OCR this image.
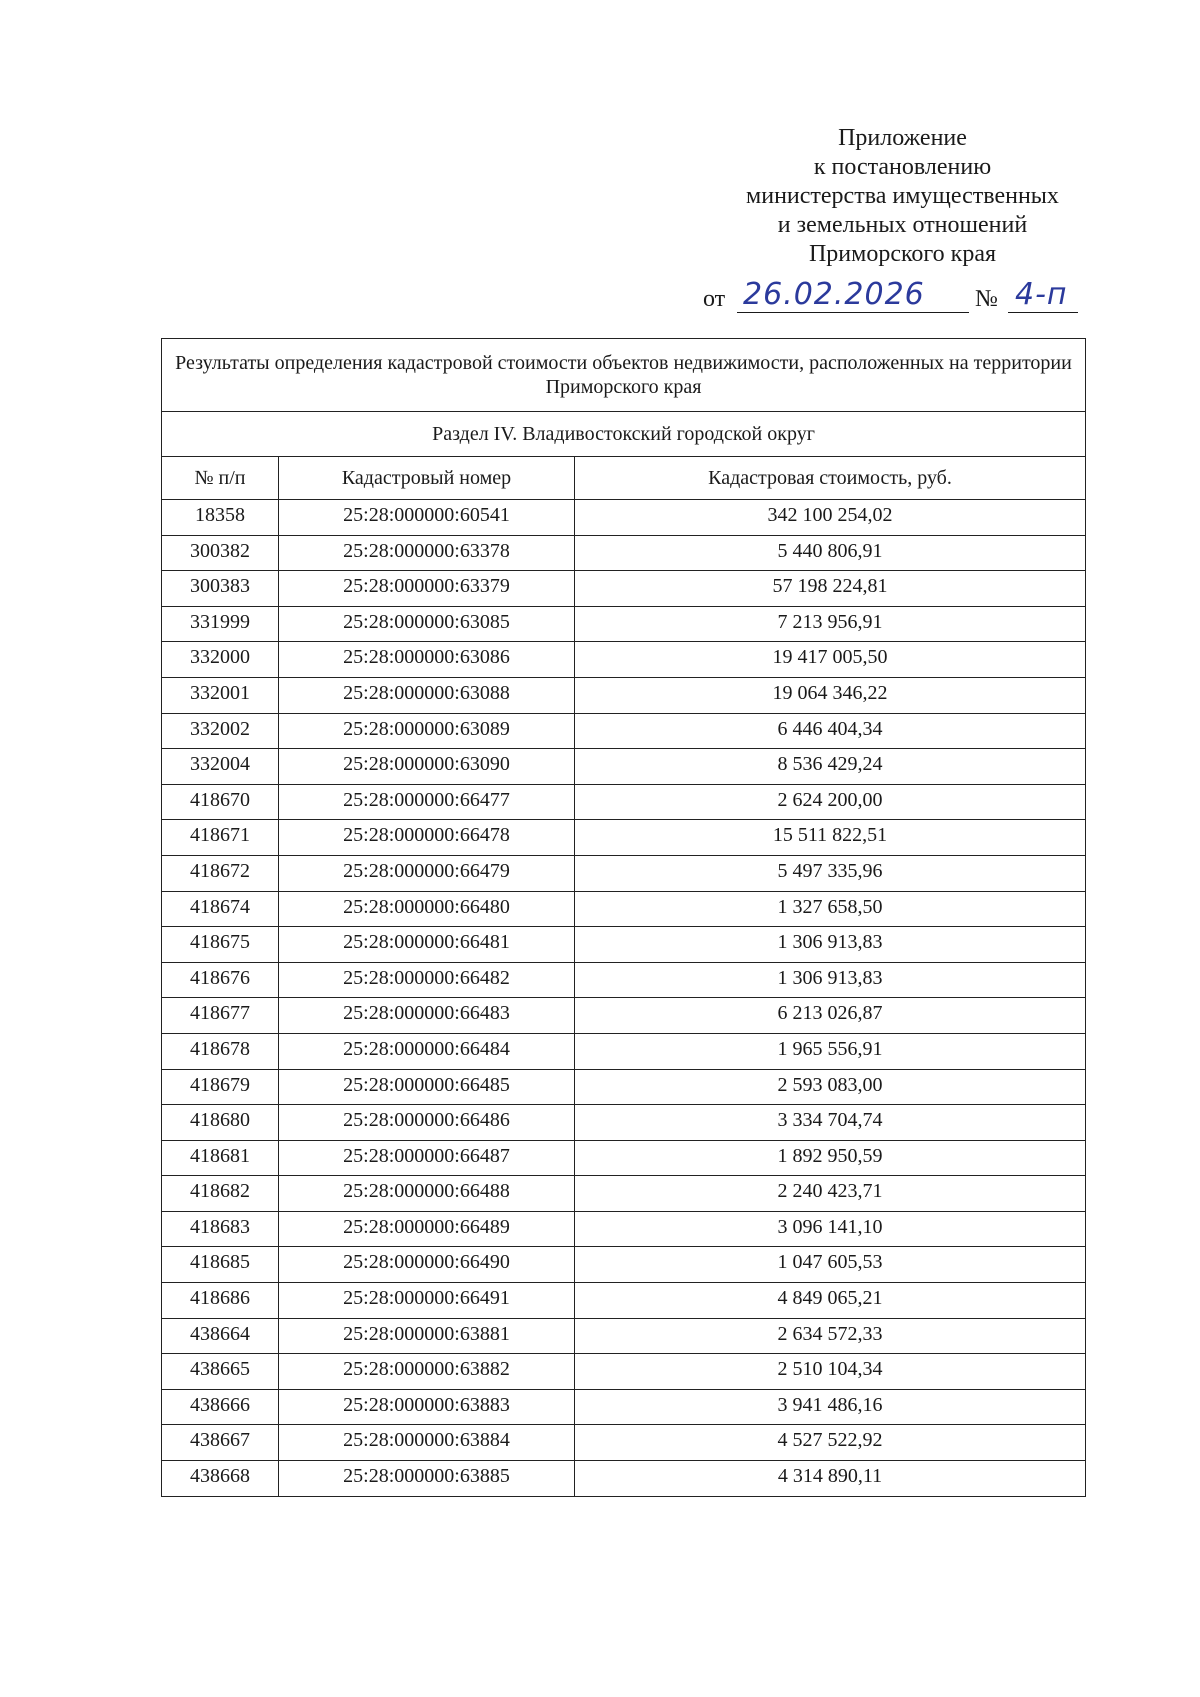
Приложение
к постановлению
министерства имущественных
и земельных отношений
Приморского края
от 26.02.2026 № 4-п
Результаты определения кадастровой стоимости объектов недвижимости, расположенных на территории Приморского края		
Раздел IV. Владивостокский городской округ		
№ п/п	Кадастровый номер	Кадастровая стоимость, руб.
18358	25:28:000000:60541	342 100 254,02
300382	25:28:000000:63378	5 440 806,91
300383	25:28:000000:63379	57 198 224,81
331999	25:28:000000:63085	7 213 956,91
332000	25:28:000000:63086	19 417 005,50
332001	25:28:000000:63088	19 064 346,22
332002	25:28:000000:63089	6 446 404,34
332004	25:28:000000:63090	8 536 429,24
418670	25:28:000000:66477	2 624 200,00
418671	25:28:000000:66478	15 511 822,51
418672	25:28:000000:66479	5 497 335,96
418674	25:28:000000:66480	1 327 658,50
418675	25:28:000000:66481	1 306 913,83
418676	25:28:000000:66482	1 306 913,83
418677	25:28:000000:66483	6 213 026,87
418678	25:28:000000:66484	1 965 556,91
418679	25:28:000000:66485	2 593 083,00
418680	25:28:000000:66486	3 334 704,74
418681	25:28:000000:66487	1 892 950,59
418682	25:28:000000:66488	2 240 423,71
418683	25:28:000000:66489	3 096 141,10
418685	25:28:000000:66490	1 047 605,53
418686	25:28:000000:66491	4 849 065,21
438664	25:28:000000:63881	2 634 572,33
438665	25:28:000000:63882	2 510 104,34
438666	25:28:000000:63883	3 941 486,16
438667	25:28:000000:63884	4 527 522,92
438668	25:28:000000:63885	4 314 890,11
